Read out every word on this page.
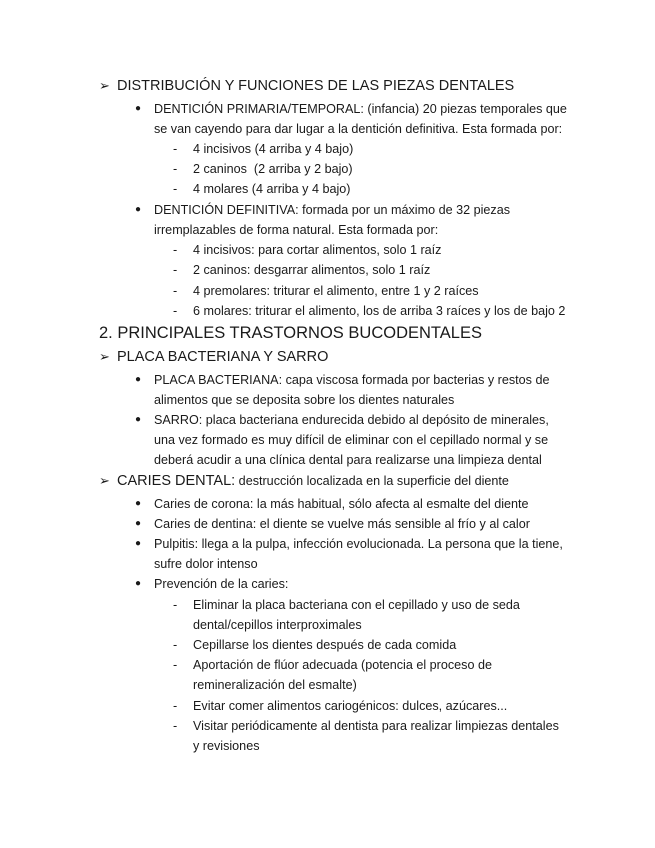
➢ DISTRIBUCIÓN Y FUNCIONES DE LAS PIEZAS DENTALES
● DENTICIÓN PRIMARIA/TEMPORAL: (infancia) 20 piezas temporales que
se van cayendo para dar lugar a la dentición definitiva. Esta formada por:
- 4 incisivos (4 arriba y 4 bajo)
- 2 caninos  (2 arriba y 2 bajo)
- 4 molares (4 arriba y 4 bajo)
● DENTICIÓN DEFINITIVA: formada por un máximo de 32 piezas
irremplazables de forma natural. Esta formada por:
- 4 incisivos: para cortar alimentos, solo 1 raíz
- 2 caninos: desgarrar alimentos, solo 1 raíz
- 4 premolares: triturar el alimento, entre 1 y 2 raíces
- 6 molares: triturar el alimento, los de arriba 3 raíces y los de bajo 2
2. PRINCIPALES TRASTORNOS BUCODENTALES
➢ PLACA BACTERIANA Y SARRO
● PLACA BACTERIANA: capa viscosa formada por bacterias y restos de
alimentos que se deposita sobre los dientes naturales
● SARRO: placa bacteriana endurecida debido al depósito de minerales,
una vez formado es muy difícil de eliminar con el cepillado normal y se
deberá acudir a una clínica dental para realizarse una limpieza dental
➢ CARIES DENTAL: destrucción localizada en la superficie del diente
● Caries de corona: la más habitual, sólo afecta al esmalte del diente
● Caries de dentina: el diente se vuelve más sensible al frío y al calor
● Pulpitis: llega a la pulpa, infección evolucionada. La persona que la tiene,
sufre dolor intenso
● Prevención de la caries:
- Eliminar la placa bacteriana con el cepillado y uso de seda
dental/cepillos interproximales
- Cepillarse los dientes después de cada comida
- Aportación de flúor adecuada (potencia el proceso de
remineralización del esmalte)
- Evitar comer alimentos cariogénicos: dulces, azúcares...
- Visitar periódicamente al dentista para realizar limpiezas dentales
y revisiones
